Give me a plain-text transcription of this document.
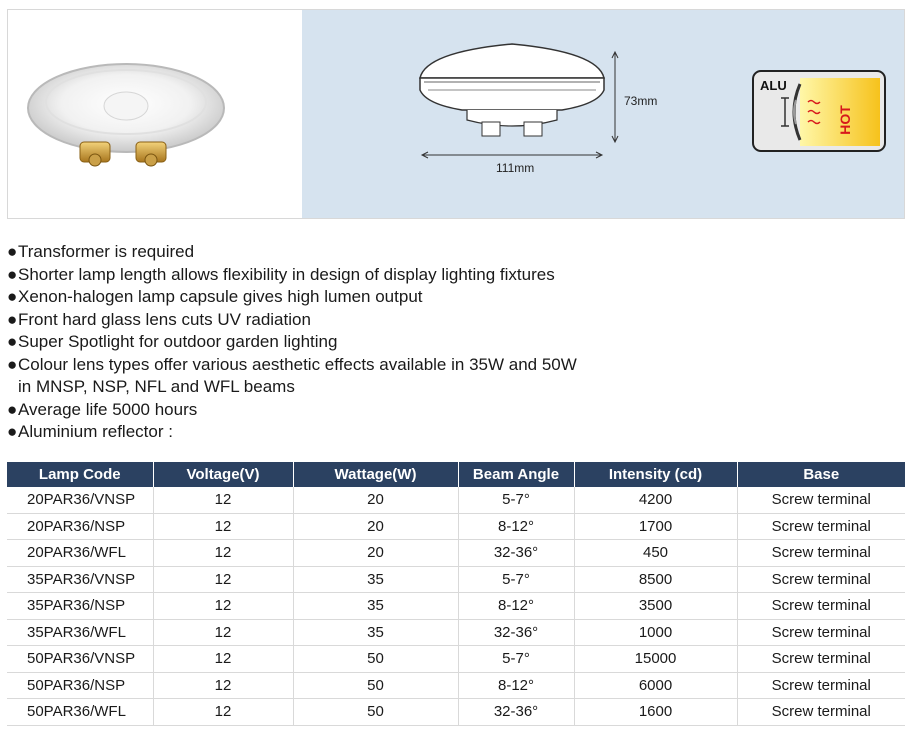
73mm
111mm
ALU
HOT
●Transformer is required
●Shorter lamp length allows flexibility in design of display lighting fixtures
●Xenon-halogen lamp capsule gives high lumen output
●Front hard glass lens cuts UV radiation
●Super Spotlight for outdoor garden lighting
●Colour lens types offer various aesthetic effects available in 35W and 50W
in MNSP, NSP, NFL and WFL beams
●Average life 5000 hours
●Aluminium reflector :
Lamp Code	Voltage(V)	Wattage(W)	Beam Angle	Intensity (cd)	Base
20PAR36/VNSP	12	20	5-7°	4200	Screw terminal
20PAR36/NSP	12	20	8-12°	1700	Screw terminal
20PAR36/WFL	12	20	32-36°	450	Screw terminal
35PAR36/VNSP	12	35	5-7°	8500	Screw terminal
35PAR36/NSP	12	35	8-12°	3500	Screw terminal
35PAR36/WFL	12	35	32-36°	1000	Screw terminal
50PAR36/VNSP	12	50	5-7°	15000	Screw terminal
50PAR36/NSP	12	50	8-12°	6000	Screw terminal
50PAR36/WFL	12	50	32-36°	1600	Screw terminal
